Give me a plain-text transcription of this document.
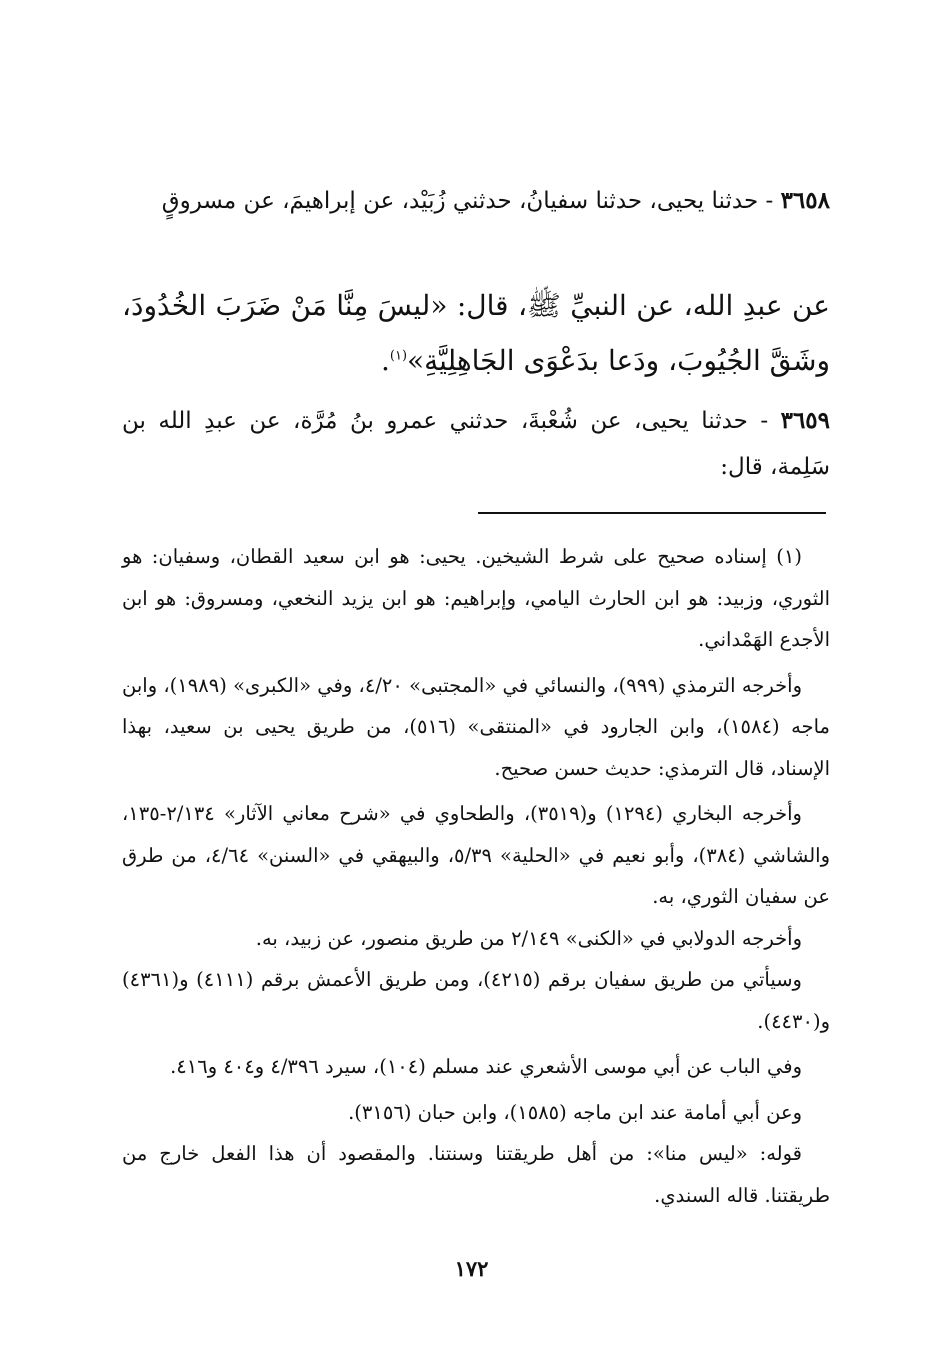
٣٦٥٨ - حدثنا يحيى، حدثنا سفيانُ، حدثني زُبَيْد، عن إبراهيمَ، عن مسروقٍ
عن عبدِ الله، عن النبيِّ ﷺ، قال: «ليسَ مِنَّا مَنْ ضَرَبَ الخُدُودَ، وشَقَّ الجُيُوبَ، ودَعا بدَعْوَى الجَاهِلِيَّةِ»$^{(١)}$.
٣٦٥٩ - حدثنا يحيى، عن شُعْبةَ، حدثني عمرو بنُ مُرَّة، عن عبدِ الله بن سَلِمة، قال:

(١) إسناده صحيح على شرط الشيخين. يحيى: هو ابن سعيد القطان، وسفيان: هو الثوري، وزبيد: هو ابن الحارث اليامي، وإبراهيم: هو ابن يزيد النخعي، ومسروق: هو ابن الأجدع الهَمْداني.

وأخرجه الترمذي (٩٩٩)، والنسائي في «المجتبى» ٤/٢٠، وفي «الكبرى» (١٩٨٩)، وابن ماجه (١٥٨٤)، وابن الجارود في «المنتقى» (٥١٦)، من طريق يحيى بن سعيد، بهذا الإسناد، قال الترمذي: حديث حسن صحيح.

وأخرجه البخاري (١٢٩٤) و(٣٥١٩)، والطحاوي في «شرح معاني الآثار» ٢/١٣٤-١٣٥، والشاشي (٣٨٤)، وأبو نعيم في «الحلية» ٥/٣٩، والبيهقي في «السنن» ٤/٦٤، من طرق عن سفيان الثوري، به.

وأخرجه الدولابي في «الكنى» ٢/١٤٩ من طريق منصور، عن زبيد، به.

وسيأتي من طريق سفيان برقم (٤٢١٥)، ومن طريق الأعمش برقم (٤١١١) و(٤٣٦١) و(٤٤٣٠).

وفي الباب عن أبي موسى الأشعري عند مسلم (١٠٤)، سيرد ٤/٣٩٦ و٤٠٤ و٤١٦.

وعن أبي أمامة عند ابن ماجه (١٥٨٥)، وابن حبان (٣١٥٦).

قوله: «ليس منا»: من أهل طريقتنا وسنتنا. والمقصود أن هذا الفعل خارج من طريقتنا. قاله السندي.

١٧٢
